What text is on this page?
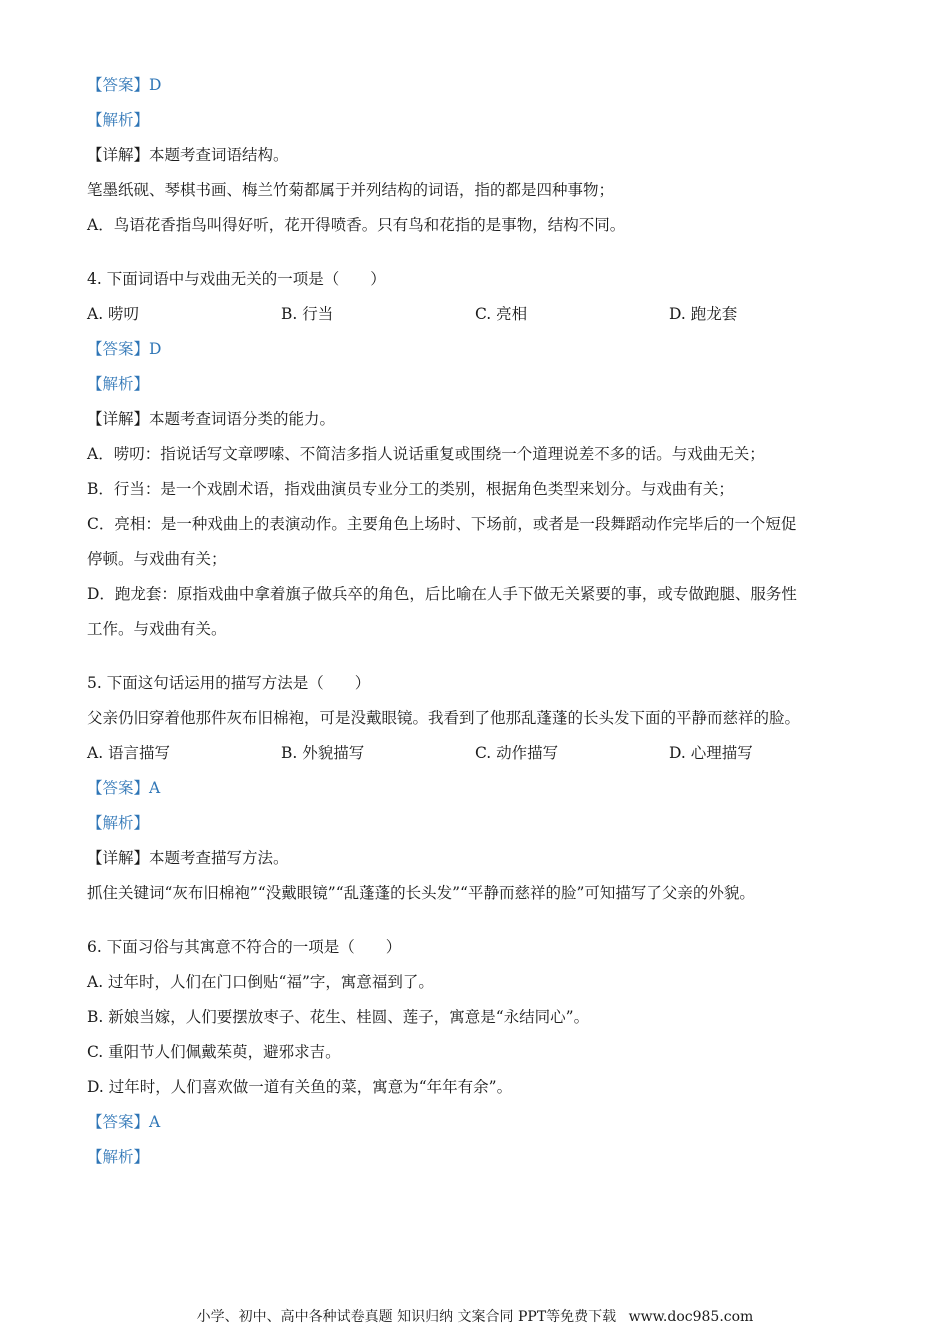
【答案】D
【解析】
【详解】本题考查词语结构。
笔墨纸砚、琴棋书画、梅兰竹菊都属于并列结构的词语，指的都是四种事物；
A．鸟语花香指鸟叫得好听，花开得喷香。只有鸟和花指的是事物，结构不同。
4. 下面词语中与戏曲无关的一项是（　　）
A. 唠叨	B. 行当	C. 亮相	D. 跑龙套
【答案】D
【解析】
【详解】本题考查词语分类的能力。
A．唠叨：指说话写文章啰嗦、不简洁多指人说话重复或围绕一个道理说差不多的话。与戏曲无关；
B．行当：是一个戏剧术语，指戏曲演员专业分工的类别，根据角色类型来划分。与戏曲有关；
C．亮相：是一种戏曲上的表演动作。主要角色上场时、下场前，或者是一段舞蹈动作完毕后的一个短促
停顿。与戏曲有关；
D．跑龙套：原指戏曲中拿着旗子做兵卒的角色，后比喻在人手下做无关紧要的事，或专做跑腿、服务性
工作。与戏曲有关。
5. 下面这句话运用的描写方法是（　　）
父亲仍旧穿着他那件灰布旧棉袍，可是没戴眼镜。我看到了他那乱蓬蓬的长头发下面的平静而慈祥的脸。
A. 语言描写	B. 外貌描写	C. 动作描写	D. 心理描写
【答案】A
【解析】
【详解】本题考查描写方法。
抓住关键词“灰布旧棉袍”“没戴眼镜”“乱蓬蓬的长头发”“平静而慈祥的脸”可知描写了父亲的外貌。
6. 下面习俗与其寓意不符合的一项是（　　）
A. 过年时，人们在门口倒贴“福”字，寓意福到了。
B. 新娘当嫁，人们要摆放枣子、花生、桂圆、莲子，寓意是“永结同心”。
C. 重阳节人们佩戴茱萸，避邪求吉。
D. 过年时，人们喜欢做一道有关鱼的菜，寓意为“年年有余”。
【答案】A
【解析】
小学、初中、高中各种试卷真题 知识归纳 文案合同 PPT等免费下载 www.doc985.com
